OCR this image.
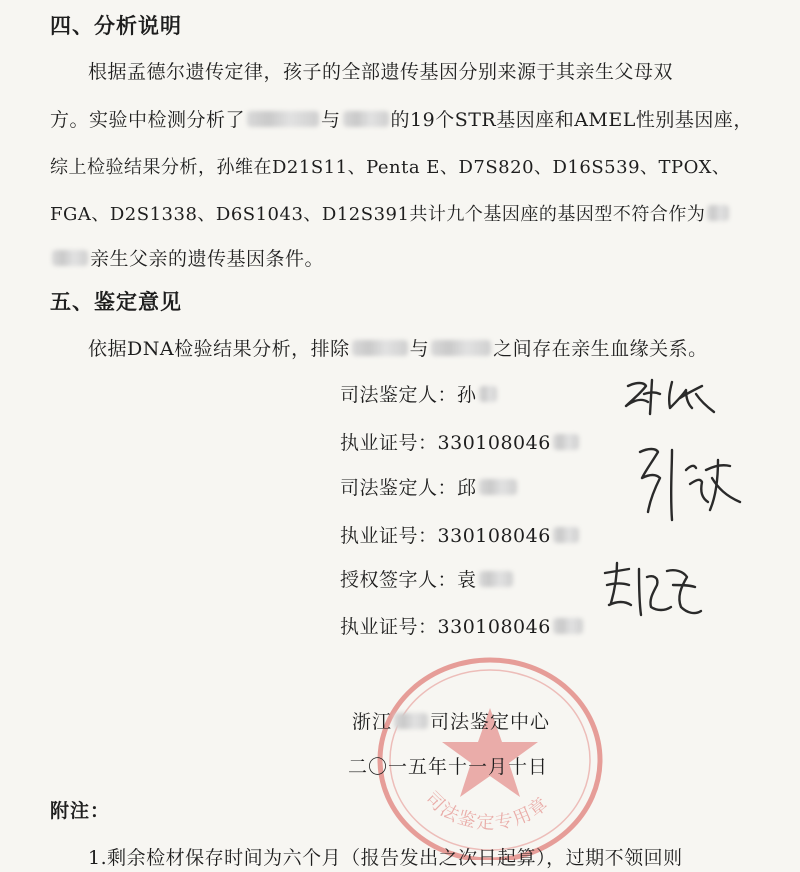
四、分析说明
根据孟德尔遗传定律，孩子的全部遗传基因分别来源于其亲生父母双
方。实验中检测分析了	与	的19个STR基因座和AMEL性别基因座，
综上检验结果分析，孙维在D21S11、Penta E、D7S820、D16S539、TPOX、
FGA、D2S1338、D6S1043、D12S391共计九个基因座的基因型不符合作为
亲生父亲的遗传基因条件。
五、鉴定意见
依据DNA检验结果分析，排除	与	之间存在亲生血缘关系。
司法鉴定人：孙
执业证号：330108046
司法鉴定人：邱
执业证号：330108046
授权签字人：袁
执业证号：330108046
司法鉴定专用章
浙江 司法鉴定中心
二〇一五年十一月十日
附注：
1.剩余检材保存时间为六个月（报告发出之次日起算），过期不领回则
